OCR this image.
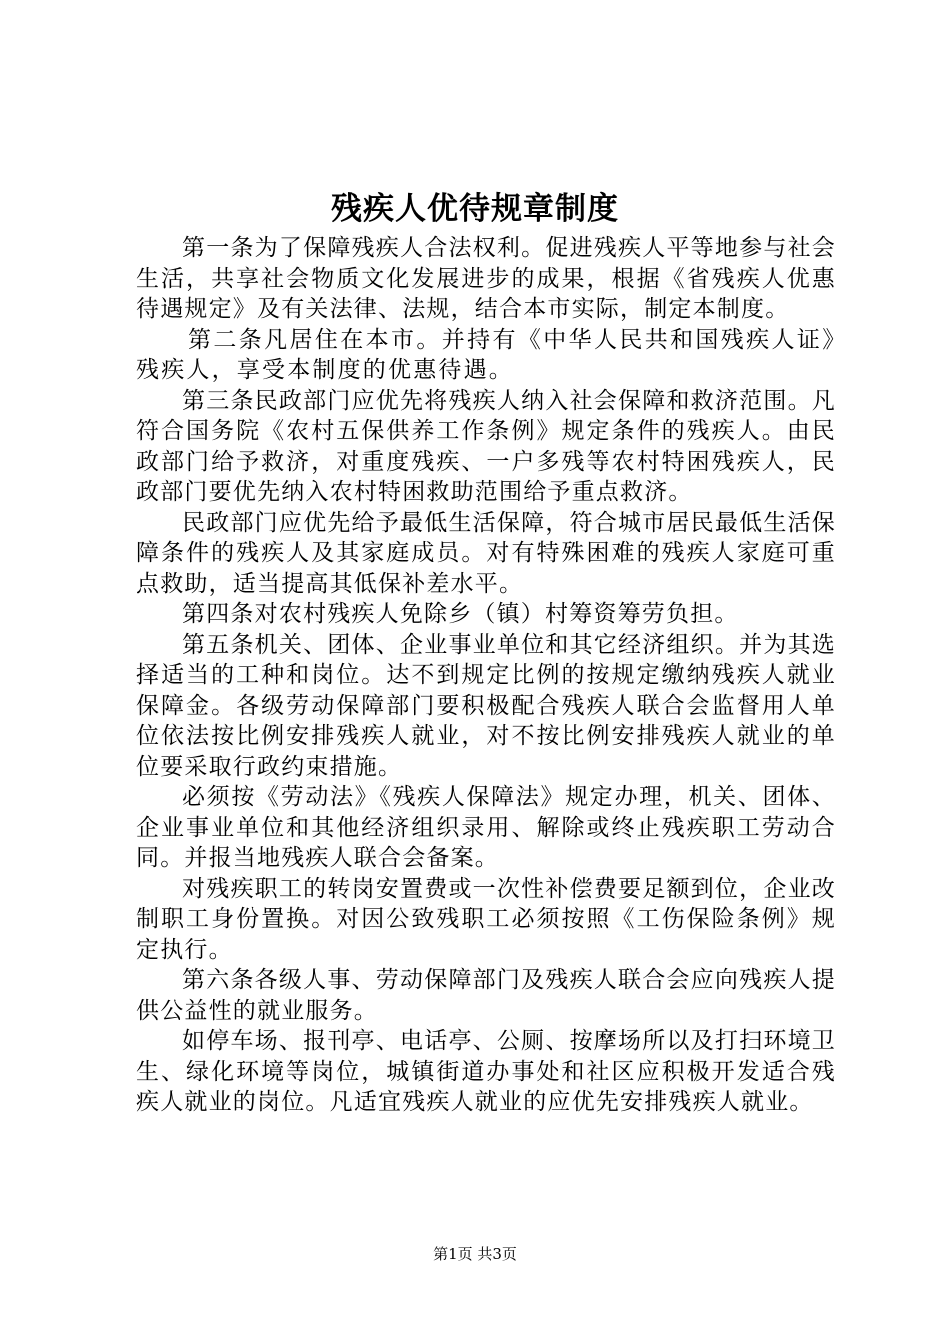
残疾人优待规章制度

第一条为了保障残疾人合法权利。促进残疾人平等地参与社会生活，共享社会物质文化发展进步的成果，根据《省残疾人优惠待遇规定》及有关法律、法规，结合本市实际，制定本制度。

第二条凡居住在本市。并持有《中华人民共和国残疾人证》残疾人，享受本制度的优惠待遇。

第三条民政部门应优先将残疾人纳入社会保障和救济范围。凡符合国务院《农村五保供养工作条例》规定条件的残疾人。由民政部门给予救济，对重度残疾、一户多残等农村特困残疾人，民政部门要优先纳入农村特困救助范围给予重点救济。

民政部门应优先给予最低生活保障，符合城市居民最低生活保障条件的残疾人及其家庭成员。对有特殊困难的残疾人家庭可重点救助，适当提高其低保补差水平。

第四条对农村残疾人免除乡（镇）村筹资筹劳负担。

第五条机关、团体、企业事业单位和其它经济组织。并为其选择适当的工种和岗位。达不到规定比例的按规定缴纳残疾人就业保障金。各级劳动保障部门要积极配合残疾人联合会监督用人单位依法按比例安排残疾人就业，对不按比例安排残疾人就业的单位要采取行政约束措施。

必须按《劳动法》《残疾人保障法》规定办理，机关、团体、企业事业单位和其他经济组织录用、解除或终止残疾职工劳动合同。并报当地残疾人联合会备案。

对残疾职工的转岗安置费或一次性补偿费要足额到位，企业改制职工身份置换。对因公致残职工必须按照《工伤保险条例》规定执行。

第六条各级人事、劳动保障部门及残疾人联合会应向残疾人提供公益性的就业服务。

如停车场、报刊亭、电话亭、公厕、按摩场所以及打扫环境卫生、绿化环境等岗位，城镇街道办事处和社区应积极开发适合残疾人就业的岗位。凡适宜残疾人就业的应优先安排残疾人就业。

第1页 共3页
